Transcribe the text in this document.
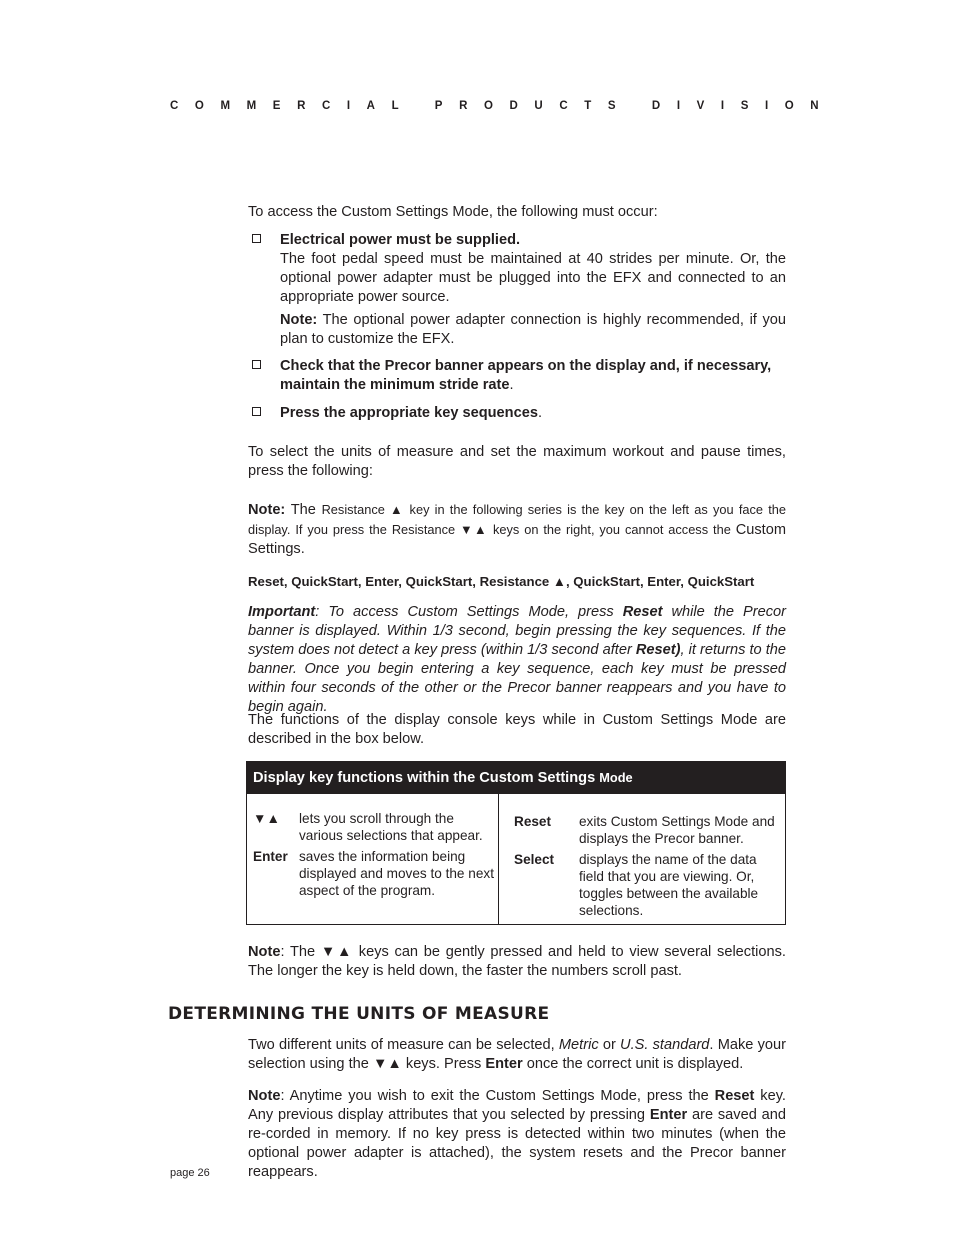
COMMERCIAL PRODUCTS DIVISION

To access the Custom Settings Mode, the following must occur:

Electrical power must be supplied.

The foot pedal speed must be maintained at 40 strides per minute. Or, the optional power adapter must be plugged into the EFX and connected to an appropriate power source.

Note: The optional power adapter connection is highly recommended, if you plan to customize the EFX.

Check that the Precor banner appears on the display and, if necessary, maintain the minimum stride rate.
Press the appropriate key sequences.

To select the units of measure and set the maximum workout and pause times, press the following:

Note: The Resistance ▲ key in the following series is the key on the left as you face the display. If you press the Resistance ▼▲ keys on the right, you cannot access the Custom Settings.

Reset, QuickStart, Enter, QuickStart, Resistance ▲, QuickStart, Enter, QuickStart

Important: To access Custom Settings Mode, press Reset while the Precor banner is displayed. Within 1/3 second, begin pressing the key sequences. If the system does not detect a key press (within 1/3 second after Reset), it returns to the banner. Once you begin entering a key sequence, each key must be pressed within four seconds of the other or the Precor banner reappears and you have to begin again.

The functions of the display console keys while in Custom Settings Mode are described in the box below.

Display key functions within the Custom Settings Mode
▼▲ lets you scroll through the various selections that appear.
Enter saves the information being displayed and moves to the next aspect of the program.
Reset exits Custom Settings Mode and displays the Precor banner.
Select displays the name of the data field that you are viewing. Or, toggles between the available selections.

Note: The ▼▲ keys can be gently pressed and held to view several selections. The longer the key is held down, the faster the numbers scroll past.

DETERMINING THE UNITS OF MEASURE

Two different units of measure can be selected, Metric or U.S. standard. Make your selection using the ▼▲ keys. Press Enter once the correct unit is displayed.

Note: Anytime you wish to exit the Custom Settings Mode, press the Reset key. Any previous display attributes that you selected by pressing Enter are saved and re-corded in memory. If no key press is detected within two minutes (when the optional power adapter is attached), the system resets and the Precor banner reappears.

page 26
